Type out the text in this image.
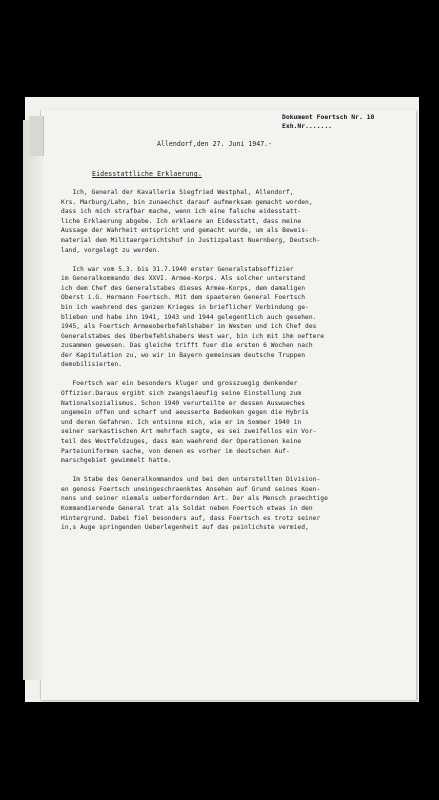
Dokument Foertsch Nr. 10
Exh.Nr.......
Allendorf,den 27. Juni 1947.-
Eidesstattliche Erklaerung.
Ich, General der Kavallerie Siegfried Westphal, Allendorf,
Krs. Marburg/Lahn, bin zunaechst darauf aufmerksam gemacht worden,
dass ich mich strafbar mache, wenn ich eine falsche eidesstatt-
liche Erklaerung abgebe. Ich erklaere an Eidesstatt, dass meine
Aussage der Wahrheit entspricht und gemacht wurde, um als Beweis-
material dem Militaergerichtshof in Justizpalast Nuernberg, Deutsch-
land, vorgelegt zu werden.
Ich war vom 5.3. bis 31.7.1940 erster Generalstabsoffizier
im Generalkommando des XXVI. Armee-Korps. Als solcher unterstand
ich dem Chef des Generalstabes dieses Armee-Korps, dem damaligen
Oberst i.G. Hermann Foertsch. Mit dem spaeteren General Foertsch
bin ich waehrend des ganzen Krieges in brieflicher Verbindung ge-
blieben und habe ihn 1941, 1943 und 1944 gelegentlich auch gesehen.
1945, als Foertsch Armeeoberbefehlshaber im Westen und ich Chef des
Generalstabes des Oberbefehlshabers West war, bin ich mit ihm oeftere
zusammen gewesen. Das gleiche trifft fuer die ersten 6 Wochen nach
der Kapitulation zu, wo wir in Bayern gemeinsam deutsche Truppen
demobilisierten.
Foertsch war ein besonders kluger und grosszuegig denkender
Offizier.Daraus ergibt sich zwangslaeufig seine Einstellung zum
Nationalsozialismus. Schon 1940 verurteilte er dessen Auswueches
ungemein offen und scharf und aeusserte Bedenken gegen die Hybris
und deren Gefahren. Ich entsinne mich, wie er im Sommer 1940 in
seiner sarkastischen Art mehrfach sagte, es sei zweifellos ein Vor-
teil des Westfeldzuges, dass man waehrend der Operationen keine
Parteiuniformen sache, von denen es vorher im deutschen Auf-
marschgebiet gewimmelt hatte.
Im Stabe des Generalkommandos und bei den unterstellten Division-
en genoss Foertsch uneingeschraenktes Ansehen auf Grund seines Koen-
nens und seiner niemals ueberfordernden Art. Der als Mensch praechtige
Kommandierende General trat als Soldat neben Foertsch etwas in den
Hintergrund. Dabei fiel besonders auf, dass Foertsch es trotz seiner
in,s Auge springenden Ueberlegenheit auf das peinlichste vermied,
